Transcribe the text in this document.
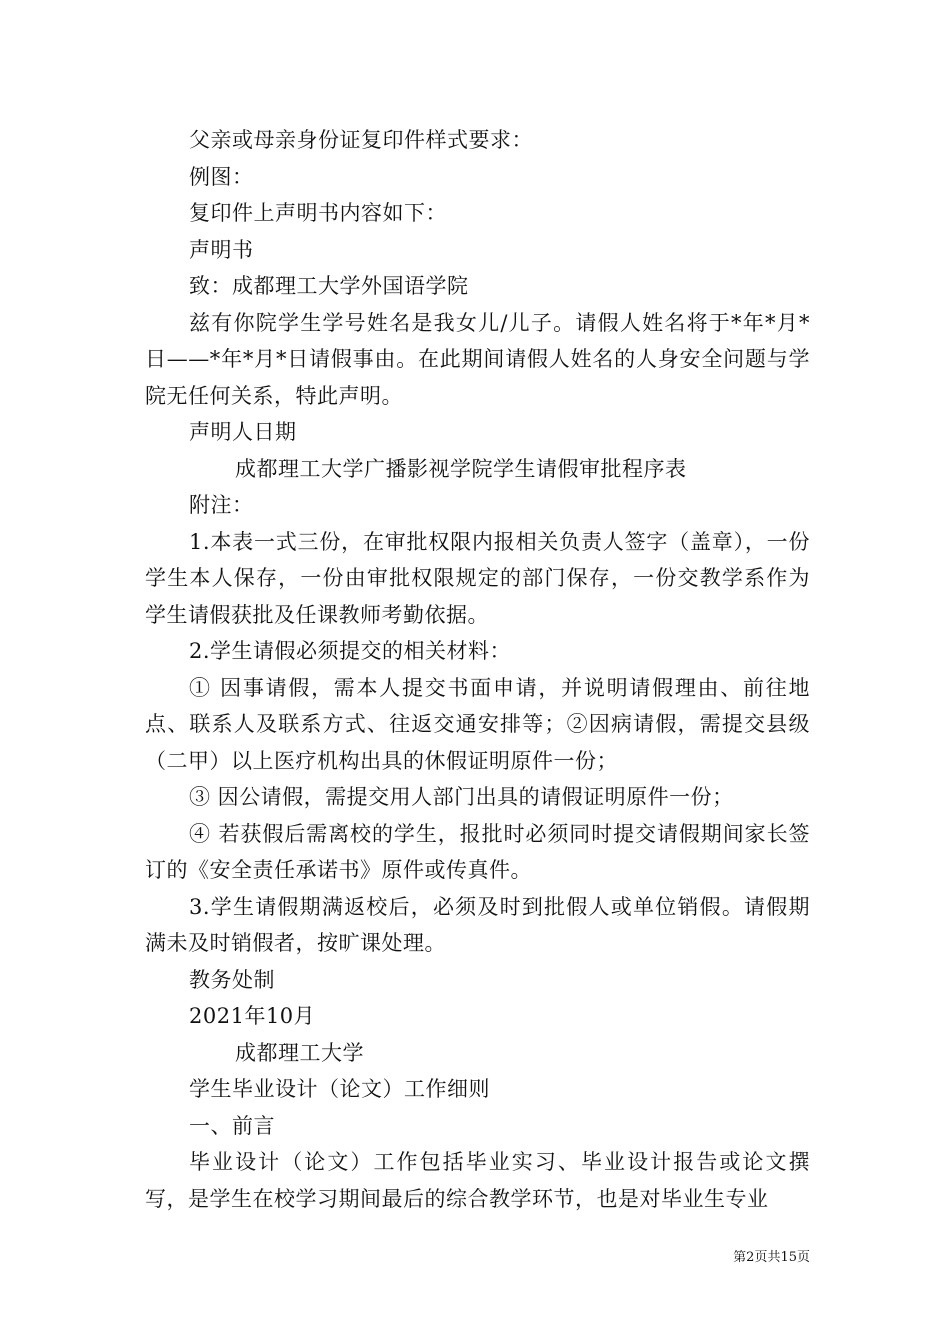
父亲或母亲身份证复印件样式要求：

例图：

复印件上声明书内容如下：

声明书

致：成都理工大学外国语学院

兹有你院学生学号姓名是我女儿/儿子。请假人姓名将于*年*月*日——*年*月*日请假事由。在此期间请假人姓名的人身安全问题与学院无任何关系，特此声明。

声明人日期

成都理工大学广播影视学院学生请假审批程序表

附注：

1.本表一式三份，在审批权限内报相关负责人签字（盖章），一份学生本人保存，一份由审批权限规定的部门保存，一份交教学系作为学生请假获批及任课教师考勤依据。

2.学生请假必须提交的相关材料：

① 因事请假，需本人提交书面申请，并说明请假理由、前往地点、联系人及联系方式、往返交通安排等；②因病请假，需提交县级（二甲）以上医疗机构出具的休假证明原件一份；

③ 因公请假，需提交用人部门出具的请假证明原件一份；

④ 若获假后需离校的学生，报批时必须同时提交请假期间家长签订的《安全责任承诺书》原件或传真件。

3.学生请假期满返校后，必须及时到批假人或单位销假。请假期满未及时销假者，按旷课处理。

教务处制

2021年10月

成都理工大学

学生毕业设计（论文）工作细则

一、前言

毕业设计（论文）工作包括毕业实习、毕业设计报告或论文撰写，是学生在校学习期间最后的综合教学环节，也是对毕业生专业

第2页共15页
